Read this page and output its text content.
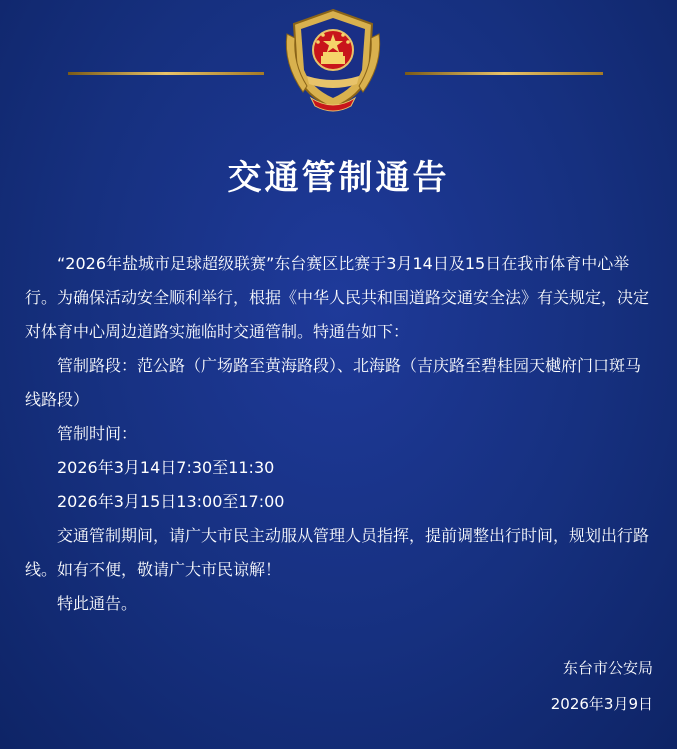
交通管制通告

“2026年盐城市足球超级联赛”东台赛区比赛于3月14日及15日在我市体育中心举行。为确保活动安全顺利举行，根据《中华人民共和国道路交通安全法》有关规定，决定对体育中心周边道路实施临时交通管制。特通告如下：

管制路段：范公路（广场路至黄海路段）、北海路（吉庆路至碧桂园天樾府门口斑马线路段）

管制时间：

2026年3月14日7:30至11:30

2026年3月15日13:00至17:00

交通管制期间，请广大市民主动服从管理人员指挥，提前调整出行时间，规划出行路线。如有不便，敬请广大市民谅解！

特此通告。

东台市公安局
2026年3月9日
